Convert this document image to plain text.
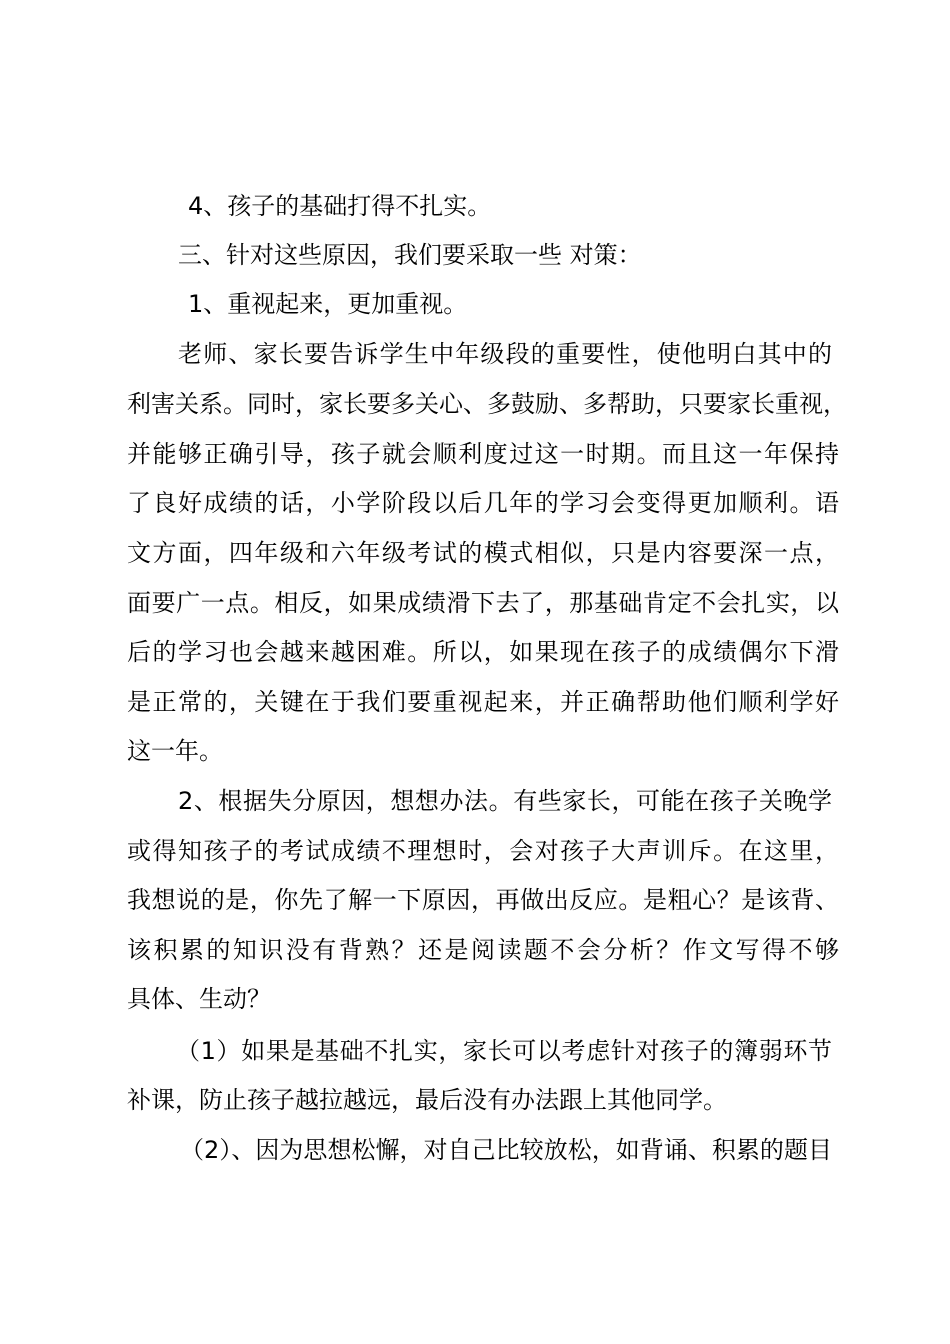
4、孩子的基础打得不扎实。
三、针对这些原因，我们要采取一些 对策：
1、重视起来，更加重视。
老师、家长要告诉学生中年级段的重要性，使他明白其中的
利害关系。同时，家长要多关心、多鼓励、多帮助，只要家长重视，
并能够正确引导，孩子就会顺利度过这一时期。而且这一年保持
了良好成绩的话，小学阶段以后几年的学习会变得更加顺利。语
文方面，四年级和六年级考试的模式相似，只是内容要深一点，
面要广一点。相反，如果成绩滑下去了，那基础肯定不会扎实，以
后的学习也会越来越困难。所以，如果现在孩子的成绩偶尔下滑
是正常的，关键在于我们要重视起来，并正确帮助他们顺利学好
这一年。
2、根据失分原因，想想办法。有些家长，可能在孩子关晚学
或得知孩子的考试成绩不理想时，会对孩子大声训斥。在这里，
我想说的是，你先了解一下原因，再做出反应。是粗心？是该背、
该积累的知识没有背熟？还是阅读题不会分析？作文写得不够
具体、生动？
（1）如果是基础不扎实，家长可以考虑针对孩子的簿弱环节
补课，防止孩子越拉越远，最后没有办法跟上其他同学。
（2）、因为思想松懈，对自己比较放松，如背诵、积累的题目
